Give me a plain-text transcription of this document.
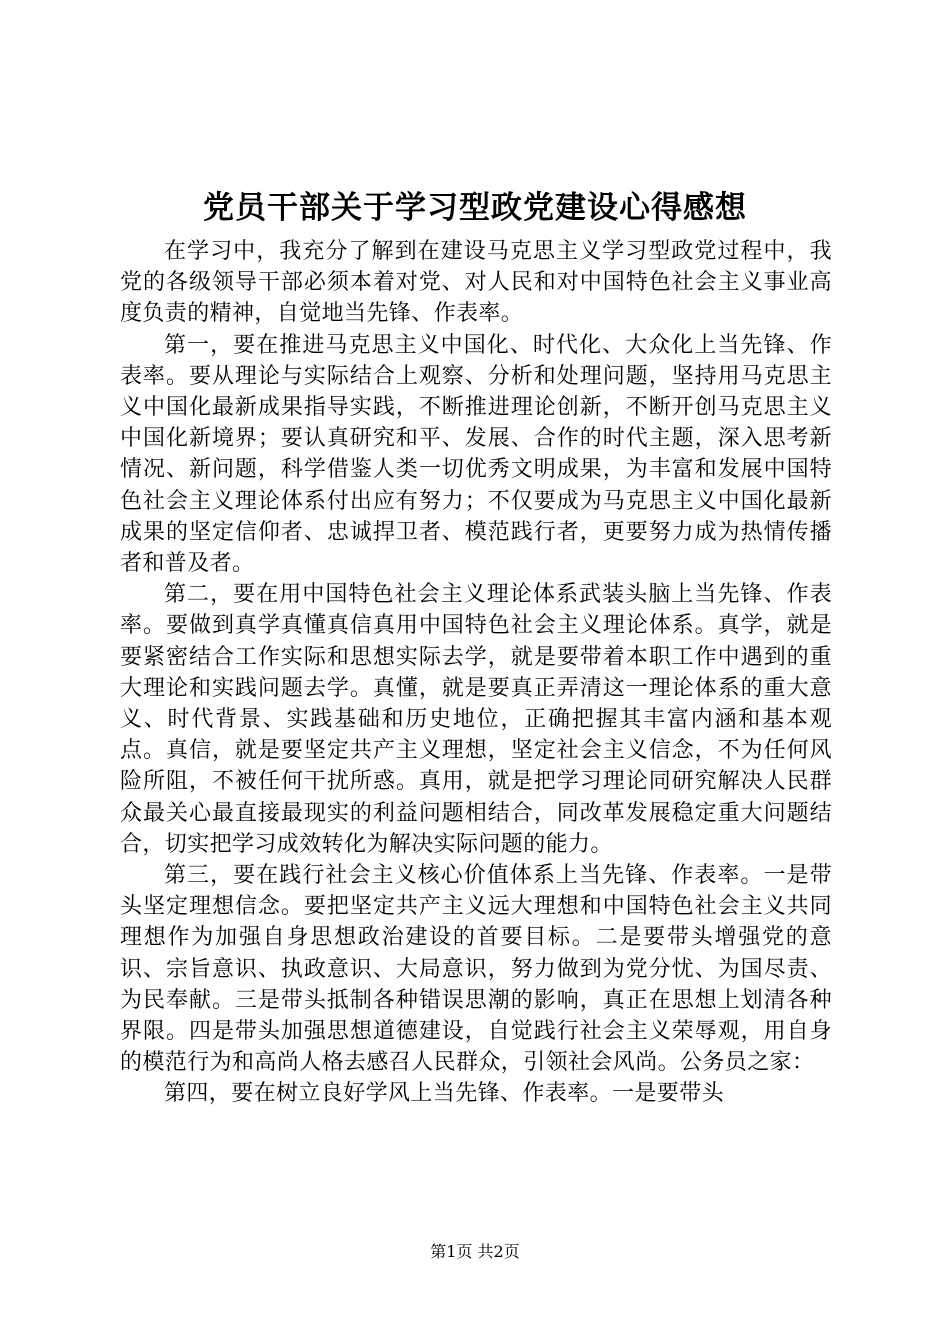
党员干部关于学习型政党建设心得感想

在学习中，我充分了解到在建设马克思主义学习型政党过程中，我党的各级领导干部必须本着对党、对人民和对中国特色社会主义事业高度负责的精神，自觉地当先锋、作表率。

第一，要在推进马克思主义中国化、时代化、大众化上当先锋、作表率。要从理论与实际结合上观察、分析和处理问题，坚持用马克思主义中国化最新成果指导实践，不断推进理论创新，不断开创马克思主义中国化新境界；要认真研究和平、发展、合作的时代主题，深入思考新情况、新问题，科学借鉴人类一切优秀文明成果，为丰富和发展中国特色社会主义理论体系付出应有努力；不仅要成为马克思主义中国化最新成果的坚定信仰者、忠诚捍卫者、模范践行者，更要努力成为热情传播者和普及者。

第二，要在用中国特色社会主义理论体系武装头脑上当先锋、作表率。要做到真学真懂真信真用中国特色社会主义理论体系。真学，就是要紧密结合工作实际和思想实际去学，就是要带着本职工作中遇到的重大理论和实践问题去学。真懂，就是要真正弄清这一理论体系的重大意义、时代背景、实践基础和历史地位，正确把握其丰富内涵和基本观点。真信，就是要坚定共产主义理想，坚定社会主义信念，不为任何风险所阻，不被任何干扰所惑。真用，就是把学习理论同研究解决人民群众最关心最直接最现实的利益问题相结合，同改革发展稳定重大问题结合，切实把学习成效转化为解决实际问题的能力。

第三，要在践行社会主义核心价值体系上当先锋、作表率。一是带头坚定理想信念。要把坚定共产主义远大理想和中国特色社会主义共同理想作为加强自身思想政治建设的首要目标。二是要带头增强党的意识、宗旨意识、执政意识、大局意识，努力做到为党分忧、为国尽责、为民奉献。三是带头抵制各种错误思潮的影响，真正在思想上划清各种界限。四是带头加强思想道德建设，自觉践行社会主义荣辱观，用自身的模范行为和高尚人格去感召人民群众，引领社会风尚。公务员之家：

第四，要在树立良好学风上当先锋、作表率。一是要带头

第1页 共2页
